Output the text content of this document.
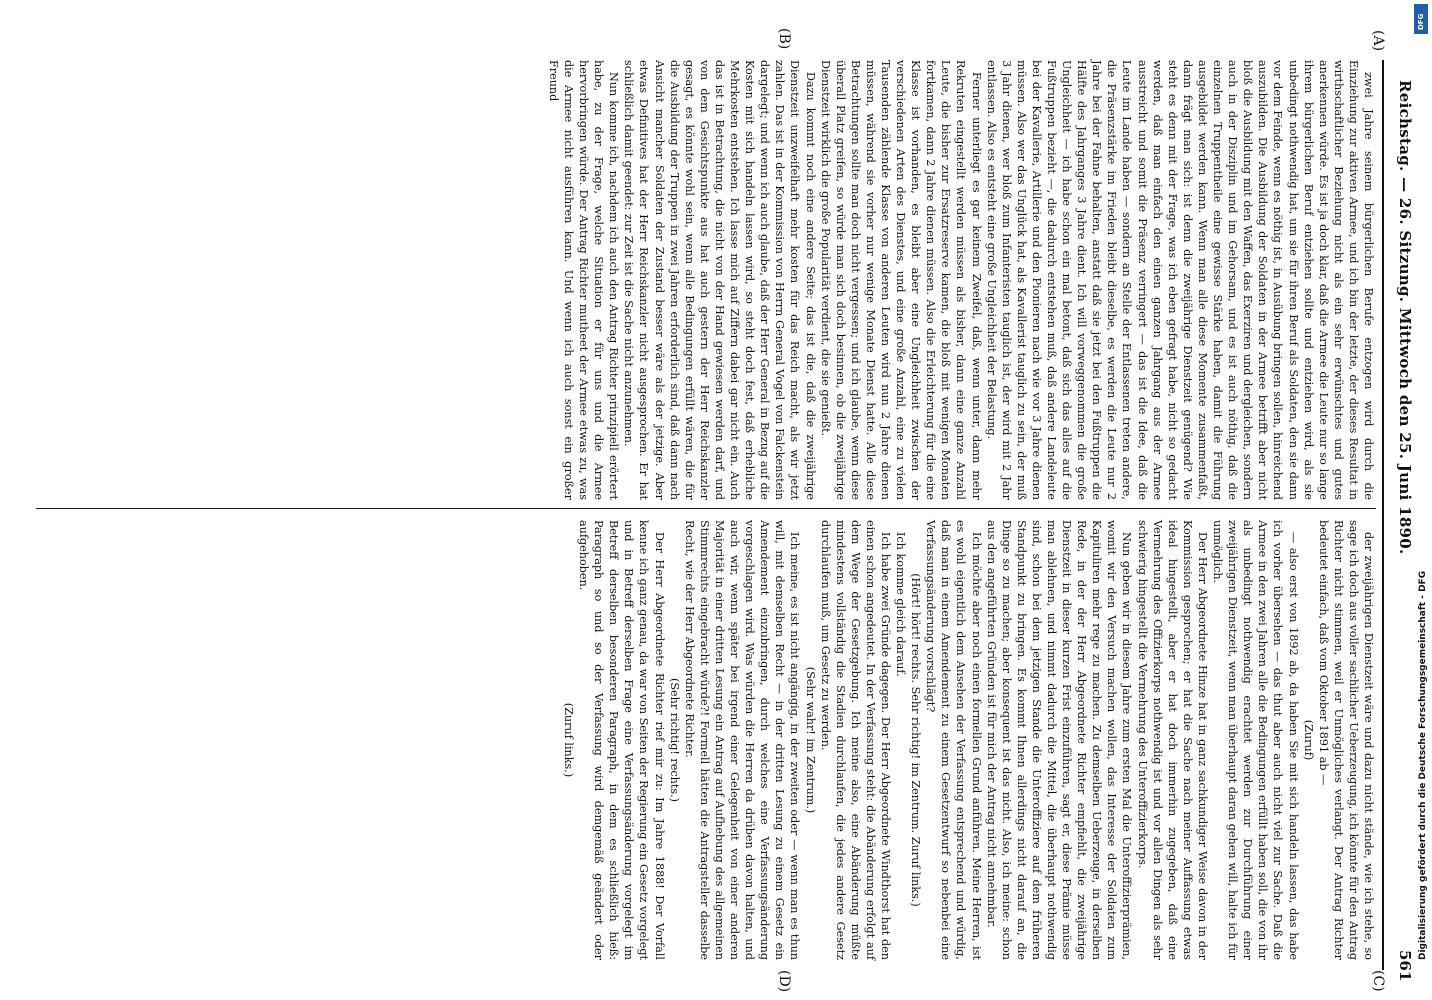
Reichstag. — 26. Sitzung. Mittwoch den 25. Juni 1890.
561
(A)
(B)
(C)
(D)

zwei Jahre seinem bürgerlichen Berufe entzogen wird durch die Einziehung zur aktiven Armee, und ich bin der letzte, der dieses Resultat in wirthschaftlicher Beziehung nicht als ein sehr erwünschtes und gutes anerkennen würde. Es ist ja doch klar, daß die Armee die Leute nur so lange ihrem bürgerlichen Beruf entziehen sollte und entziehen wird, als sie unbedingt nothwendig hat, um sie für ihren Beruf als Soldaten, den sie dann vor dem Feinde, wenn es nöthig ist, in Ausübung bringen sollen, hinreichend auszubilden. Die Ausbildung der Soldaten in der Armee betrifft aber nicht bloß die Ausbildung mit den Waffen, das Exerziren und dergleichen, sondern auch in der Disziplin und im Gehorsam, und es ist auch nöthig, daß die einzelnen Truppentheile eine gewisse Stärke haben, damit die Führung ausgebildet werden kann. Wenn man alle diese Momente zusammenfaßt, dann frägt man sich: ist denn die zweijährige Dienstzeit genügend? Wie steht es denn mit der Frage, was ich eben gefragt habe, nicht so gedacht werden, daß man einfach den einen ganzen Jahrgang aus der Armee ausstreicht und somit die Präsenz verringert — das ist die Idee, daß die Leute im Lande haben — sondern an Stelle der Entlassenen treten andere, die Präsenzstärke im Frieden bleibt dieselbe, es werden die Leute nur 2 Jahre bei der Fahne behalten, anstatt daß sie jetzt bei den Fußtruppen die Hälfte des Jahrganges 3 Jahre dient. Ich will vorweggenommen die große Ungleichheit — ich habe schon ein mal betont, daß sich das alles auf die Fußtruppen bezieht —, die dadurch entstehen muß, daß andere Landeleute bei der Kavallerie, Artillerie und den Pionieren nach wie vor 3 Jahre dienen müssen. Also wer das Unglück hat, als Kavallerist tauglich zu sein, der muß 3 Jahr dienen, wer bloß zum Infanteristen tauglich ist, der wird mit 2 Jahr entlassen. Also es entsteht eine große Ungleichheit der Belastung.

Ferner unterliegt es gar keinem Zweifel, daß, wenn unter, dann mehr Rekruten eingestellt werden müssen als bisher, dann eine ganze Anzahl Leute, die bisher zur Ersatzreserve kamen, die bloß mit wenigen Monaten fortkamen, dann 2 Jahre dienen müssen. Also die Erleichterung für die eine Klasse ist vorhanden, es bleibt aber eine Ungleichheit zwischen der verschiedenen Arten des Dienstes, und eine große Anzahl, eine zu vielen Tausenden zählende Klasse von anderen Leuten wird nun 2 Jahre dienen müssen, während sie vorher nur wenige Monate Dienst hatte. Alle diese Betrachtungen sollte man doch nicht vergessen; und ich glaube, wenn diese überall Platz greifen, so würde man sich doch besinnen, ob die zweijährige Dienstzeit wirklich die große Popularität verdient, die sie genießt.

Dazu kommt noch eine andere Seite; das ist die, daß die zweijährige Dienstzeit unzweifelhaft mehr kosten für das Reich macht, als wir jetzt zahlen. Das ist in der Kommission von Herrn General Vogel von Falckenstein dargelegt; und wenn ich auch glaube, daß der Herr General in Bezug auf die Kosten mit sich handeln lassen wird, so steht doch fest, daß erhebliche Mehrkosten entstehen. Ich lasse mich auf Ziffern dabei gar nicht ein. Auch das ist in Betrachtung, die nicht von der Hand gewiesen werden darf, und von dem Gesichtspunkte aus hat auch gestern der Herr Reichskanzler gesagt, es könnte wohl sein, wenn alle Bedingungen erfüllt wären, die für die Ausbildung der Truppen in zwei Jahren erforderlich sind, daß dann nach Ansicht mancher Soldaten der Zustand besser wäre als der jetzige. Aber etwas Definitives hat der Herr Reichskanzler nicht ausgesprochen. Er hat schließlich damit geendet: zur Zeit ist die Sache nicht anzunehmen.

Nun komme ich, nachdem ich auch den Antrag Richter prinzipiell erörtert habe, zu der Frage, welche Situation er für uns und die Armee hervorbringen würde. Der Antrag Richter mutheet der Armee etwas zu, was die Armee nicht ausführen kann. Und wenn ich auch sonst ein großer Freund

der zweijährigen Dienstzeit wäre und dazu nicht stände, wie ich stehe, so sage ich doch aus voller sachlicher Ueberzeugung, ich könnte für den Antrag Richter nicht stimmen, weil er Unmögliches verlangt. Der Antrag Richter bedeutet einfach, daß vom Oktober 1891 ab —

(Zuruf)

— also erst von 1892 ab, da haben Sie mit sich handeln lassen, das habe ich vorher übersehen — das thut aber auch nicht viel zur Sache. Daß die Armee in den zwei Jahren alle die Bedingungen erfüllt haben soll, die von ihr als unbedingt nothwendig erachtet werden zur Durchführung einer zweijährigen Dienstzeit, wenn man überhaupt daran gehen will, halte ich für unmöglich.

Der Herr Abgeordnete Hinze hat in ganz sachkundiger Weise davon in der Kommission gesprochen; er hat die Sache nach meiner Auffassung etwas ideal hingestellt, aber er hat doch immerhin zugegeben, daß eine Vermehrung des Offizierkorps nothwendig ist und vor allen Dingen als sehr schwierig hingestellt die Vermehrung des Unteroffizierkorps.

Nun geben wir in diesem Jahre zum ersten Mal die Unteroffizierprämien, womit wir den Versuch machen wollen, das Interesse der Soldaten zum Kapituliren mehr rege zu machen. Zu demselben Ueberzeuge, in derselben Rede, in der der Herr Abgeordnete Richter empfiehlt, die zweijährige Dienstzeit in dieser kurzen Frist einzuführen, sagt er, diese Prämie müsse man ablehnen, und nimmt dadurch die Mittel, die überhaupt nothwendig sind, schon bei dem jetzigen Stande die Unteroffiziere auf dem früheren Standpunkt zu bringen. Es kommt Ihnen allerdings nicht darauf an, die Dinge so zu machen; aber konsequent ist das nicht. Also, ich meine: schon aus den angeführten Gründen ist für mich der Antrag nicht annehmbar.

Ich möchte aber noch einen formellen Grund anführen. Meine Herren, ist es wohl eigentlich dem Ansehen der Verfassung entsprechend und würdig, daß man in einem Amendement zu einem Gesetzentwurf so nebenbei eine Verfassungsänderung vorschlägt?

(Hört! hört! rechts. Sehr richtig! im Zentrum. Zuruf links.)

Ich komme gleich darauf.

Ich habe zwei Gründe dagegen. Der Herr Abgeordnete Windthorst hat den einen schon angedeutet. In der Verfassung steht: die Abänderung erfolgt auf dem Wege der Gesetzgebung. Ich meine also, eine Abänderung müßte mindestens vollständig die Stadien durchlaufen, die jedes andere Gesetz durchlaufen muß, um Gesetz zu werden.

(Sehr wahr! im Zentrum.)

Ich meine, es ist nicht angängig, in der zweiten oder — wenn man es thun will, mit demselben Recht — in der dritten Lesung zu einem Gesetz ein Amendement einzubringen, durch welches eine Verfassungsänderung vorgeschlagen wird. Was würden die Herren da drüben davon halten, und auch wir, wenn später bei irgend einer Gelegenheit von einer anderen Majorität in einer dritten Lesung ein Antrag auf Aufhebung des allgemeinen Stimmrechts eingebracht würde?! Formell hätten die Antragsteller dasselbe Recht, wie der Herr Abgeordnete Richter.

(Sehr richtig! rechts.)

Der Herr Abgeordnete Richter rief mir zu: Im Jahre 1888! Der Vorfall kenne ich ganz genau, da war von Seiten der Regierung ein Gesetz vorgelegt und in Betreff derselben Frage eine Verfassungsänderung vorgelegt im Betreff derselben besonderen Paragraph, in dem es schließlich hieß: Paragraph so und so der Verfassung wird demgemäß geändert oder aufgehoben.

(Zuruf links.)	Digitalisierung gefördert durch die Deutsche Forschungsgemeinschaft - DFG
DFG
